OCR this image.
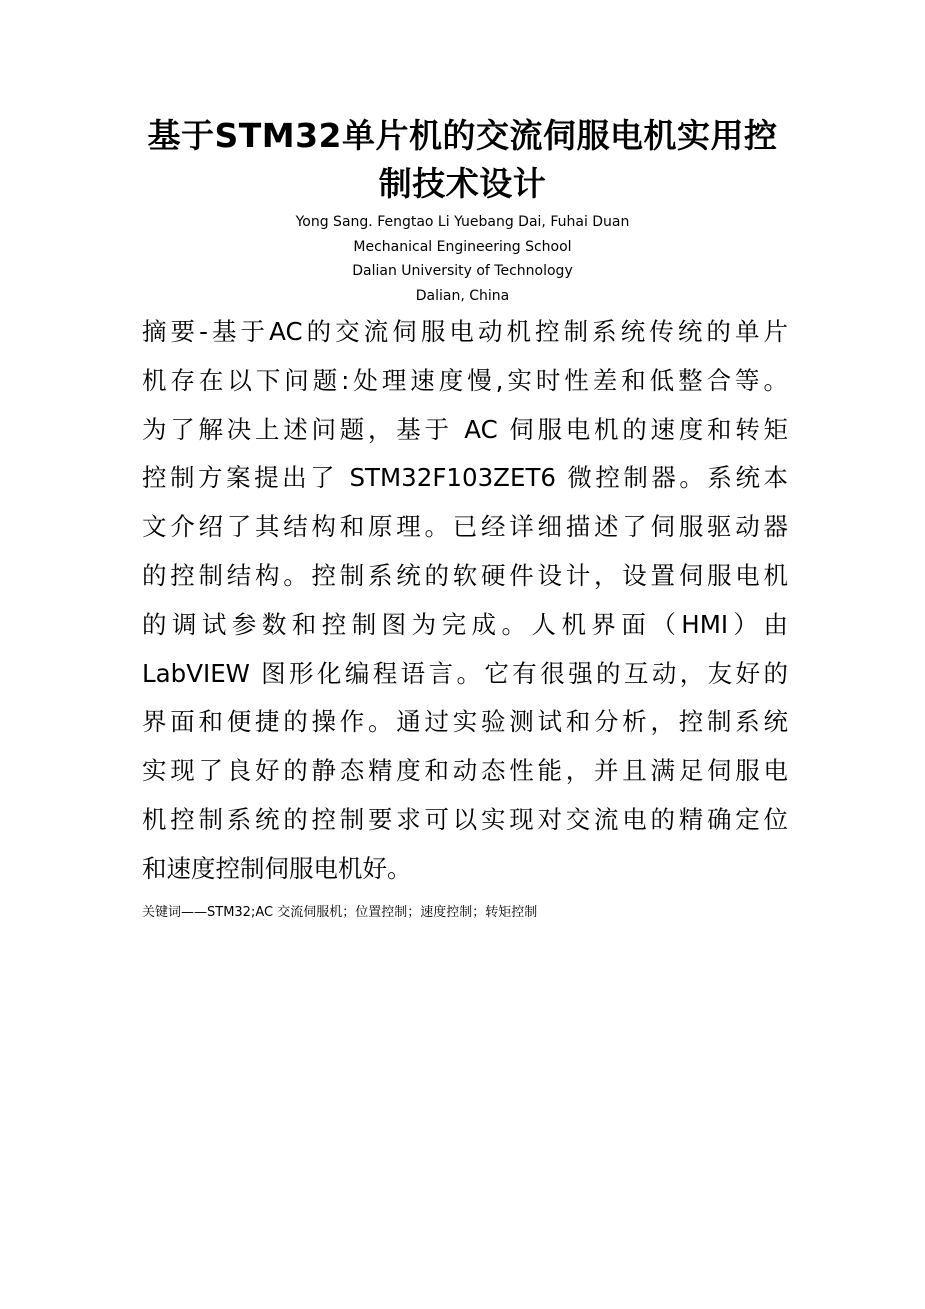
基于STM32单片机的交流伺服电机实用控
制技术设计
Yong Sang. Fengtao Li Yuebang Dai, Fuhai Duan
Mechanical Engineering School
Dalian University of Technology
Dalian, China
摘要-基于AC的交流伺服电动机控制系统传统的单片
机存在以下问题:处理速度慢,实时性差和低整合等。
为了解决上述问题，基于 AC 伺服电机的速度和转矩
控制方案提出了 STM32F103ZET6 微控制器。系统本
文介绍了其结构和原理。已经详细描述了伺服驱动器
的控制结构。控制系统的软硬件设计，设置伺服电机
的调试参数和控制图为完成。人机界面（HMI）由
LabVIEW 图形化编程语言。它有很强的互动，友好的
界面和便捷的操作。通过实验测试和分析，控制系统
实现了良好的静态精度和动态性能，并且满足伺服电
机控制系统的控制要求可以实现对交流电的精确定位
和速度控制伺服电机好。
关键词——STM32;AC 交流伺服机；位置控制；速度控制；转矩控制
